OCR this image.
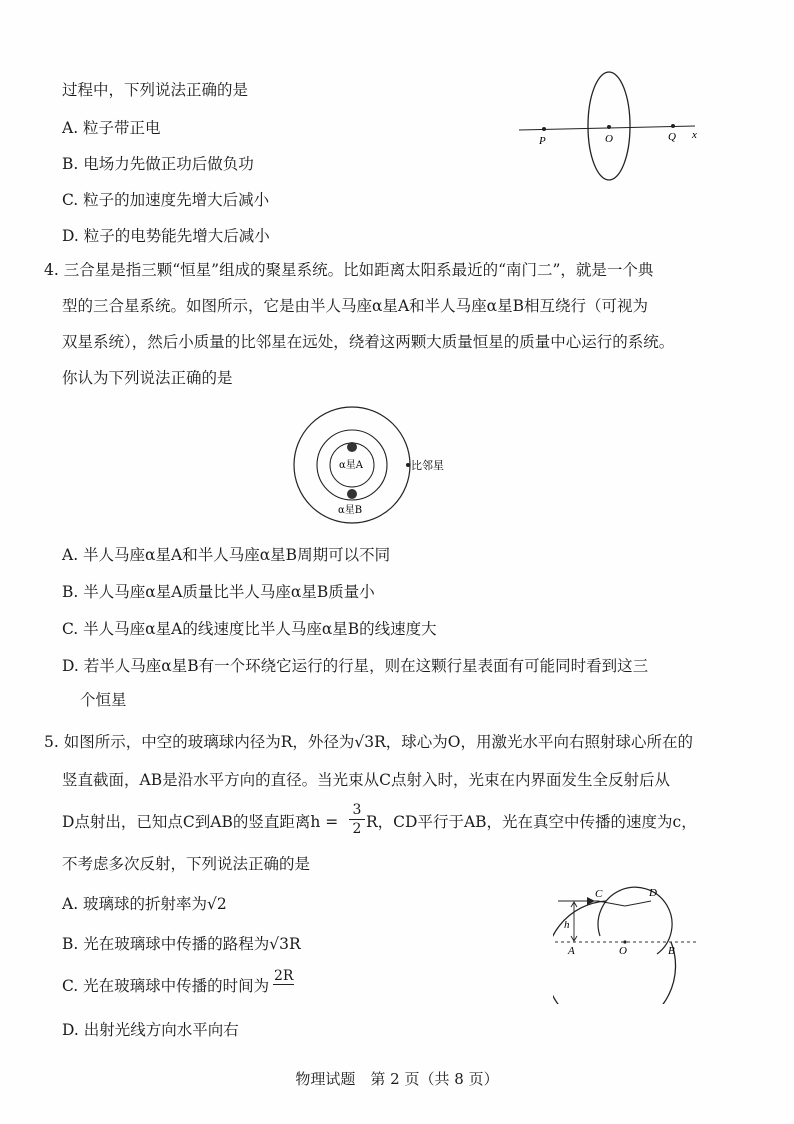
过程中，下列说法正确的是
A. 粒子带正电
B. 电场力先做正功后做负功
C. 粒子的加速度先增大后减小
D. 粒子的电势能先增大后减小
P	O	Q x
4. 三合星是指三颗“恒星”组成的聚星系统。比如距离太阳系最近的“南门二”，就是一个典
型的三合星系统。如图所示，它是由半人马座α星A和半人马座α星B相互绕行（可视为
双星系统），然后小质量的比邻星在远处，绕着这两颗大质量恒星的质量中心运行的系统。
你认为下列说法正确的是
α星A
α星B
比邻星
A. 半人马座α星A和半人马座α星B周期可以不同
B. 半人马座α星A质量比半人马座α星B质量小
C. 半人马座α星A的线速度比半人马座α星B的线速度大
D. 若半人马座α星B有一个环绕它运行的行星，则在这颗行星表面有可能同时看到这三
个恒星
5. 如图所示，中空的玻璃球内径为R，外径为√3R，球心为O，用激光水平向右照射球心所在的
竖直截面，AB是沿水平方向的直径。当光束从C点射入时，光束在内界面发生全反射后从
D点射出，已知点C到AB的竖直距离h =
3
2 R，CD平行于AB，光在真空中传播的速度为c，
不考虑多次反射，下列说法正确的是
A. 玻璃球的折射率为√2
B. 光在玻璃球中传播的路程为√3R
C. 光在玻璃球中传播的时间为
2R
D. 出射光线方向水平向右
C	D
h
A	O	B
物理试题　第 2 页（共 8 页）
